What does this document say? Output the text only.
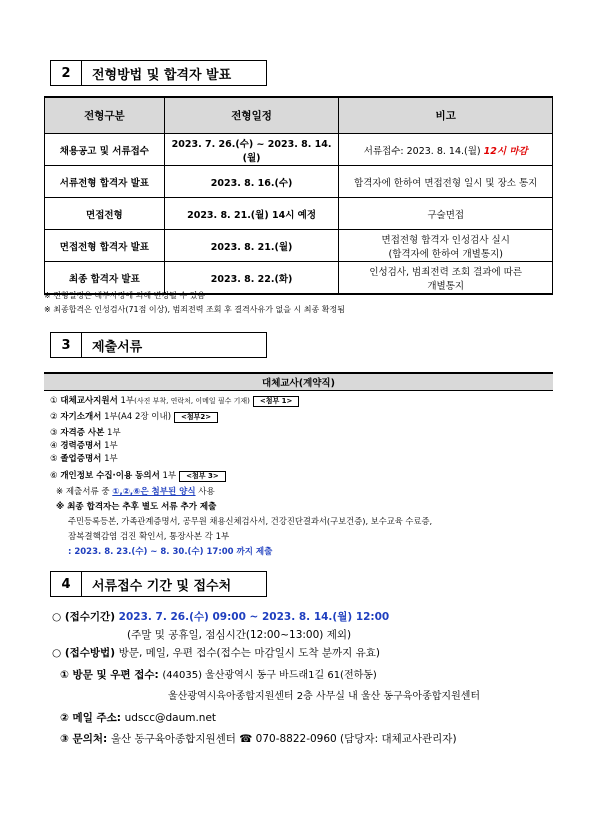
2	전형방법 및 합격자 발표
전형구분	전형일정	비고
채용공고 및 서류접수	2023. 7. 26.(수) ~ 2023. 8. 14.(월)	서류접수: 2023. 8. 14.(월) 12시 마감
서류전형 합격자 발표	2023. 8. 16.(수)	합격자에 한하여 면접전형 일시 및 장소 통지
면접전형	2023. 8. 21.(월) 14시 예정	구술면접
면접전형 합격자 발표	2023. 8. 21.(월)	면접전형 합격자 인성검사 실시
(합격자에 한하여 개별통지)

최종 합격자 발표	2023. 8. 22.(화)	인성검사, 범죄전력 조회 결과에 따른
개별통지
※ 전형일정은 내부사정에 의해 변경될 수 있음
※ 최종합격은 인성검사(71점 이상), 범죄전력 조회 후 결격사유가 없을 시 최종 확정됨
3	제출서류
대체교사(계약직)
① 대체교사지원서 1부(사진 부착, 연락처, 이메일 필수 기재) <첨부 1>
② 자기소개서 1부(A4 2장 이내) <첨부2>
③ 자격증 사본 1부
④ 경력증명서 1부
⑤ 졸업증명서 1부
⑥ 개인정보 수집·이용 동의서 1부 <첨부 3>
※ 제출서류 중 ①,②,⑥은 첨부된 양식 사용
※ 최종 합격자는 추후 별도 서류 추가 제출
주민등록등본, 가족관계증명서, 공무원 채용신체검사서, 건강진단결과서(구보건증), 보수교육 수료증,
잠복결핵감염 검진 확인서, 통장사본 각 1부
: 2023. 8. 23.(수) ~ 8. 30.(수) 17:00 까지 제출
4	서류접수 기간 및 접수처
○ (접수기간) 2023. 7. 26.(수) 09:00 ~ 2023. 8. 14.(월) 12:00
(주말 및 공휴일, 점심시간(12:00~13:00) 제외)
○ (접수방법) 방문, 메일, 우편 접수(접수는 마감일시 도착 분까지 유효)
① 방문 및 우편 접수: (44035) 울산광역시 동구 바드래1길 61(전하동)
울산광역시육아종합지원센터 2층 사무실 내 울산 동구육아종합지원센터
② 메일 주소: udscc@daum.net
③ 문의처: 울산 동구육아종합지원센터 ☎ 070-8822-0960 (담당자: 대체교사관리자)
